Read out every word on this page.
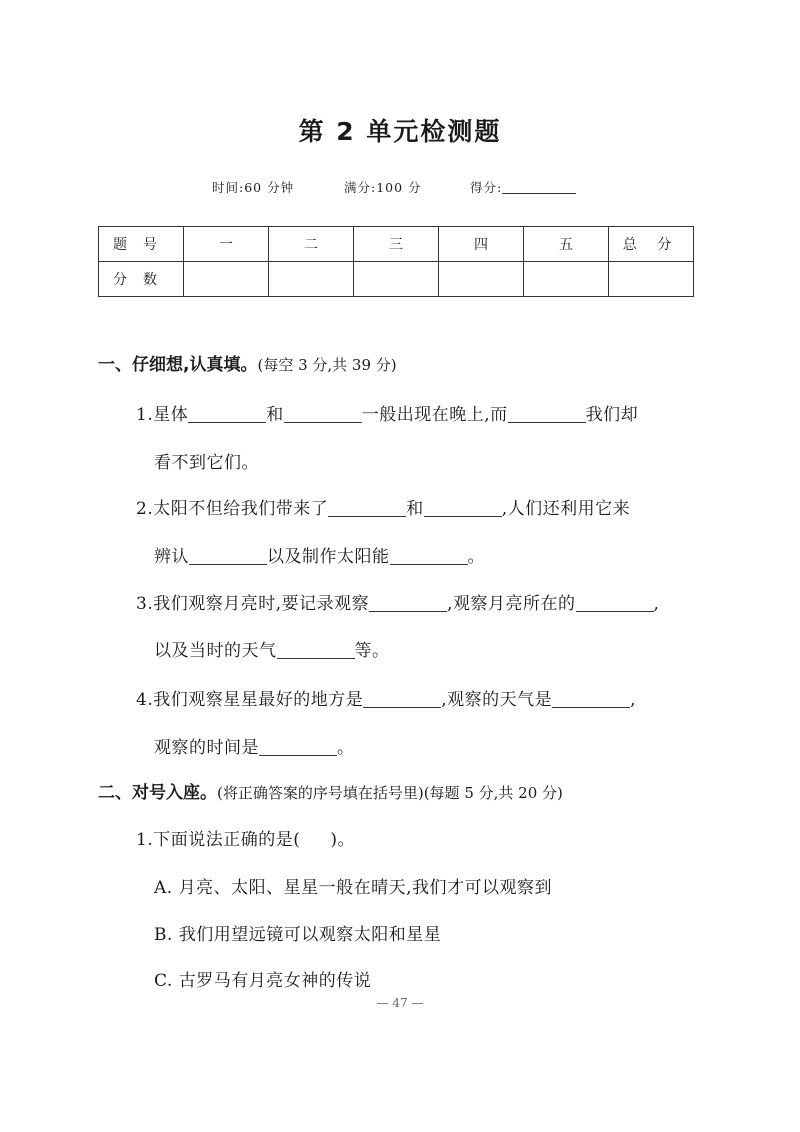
第 2 单元检测题
时间:60 分钟	满分:100 分	得分:
题号	一	二	三	四	五	总 分
分数						
一、仔细想,认真填。(每空 3 分,共 39 分)
1.星体	和	一般出现在晚上,而	我们却
看不到它们。
2.太阳不但给我们带来了	和	,人们还利用它来
辨认	以及制作太阳能	。
3.我们观察月亮时,要记录观察	,观察月亮所在的	,
以及当时的天气	等。
4.我们观察星星最好的地方是	,观察的天气是	,
观察的时间是	。
二、对号入座。(将正确答案的序号填在括号里)(每题 5 分,共 20 分)
1.下面说法正确的是( )。
A. 月亮、太阳、星星一般在晴天,我们才可以观察到
B. 我们用望远镜可以观察太阳和星星
C. 古罗马有月亮女神的传说
— 47 —
